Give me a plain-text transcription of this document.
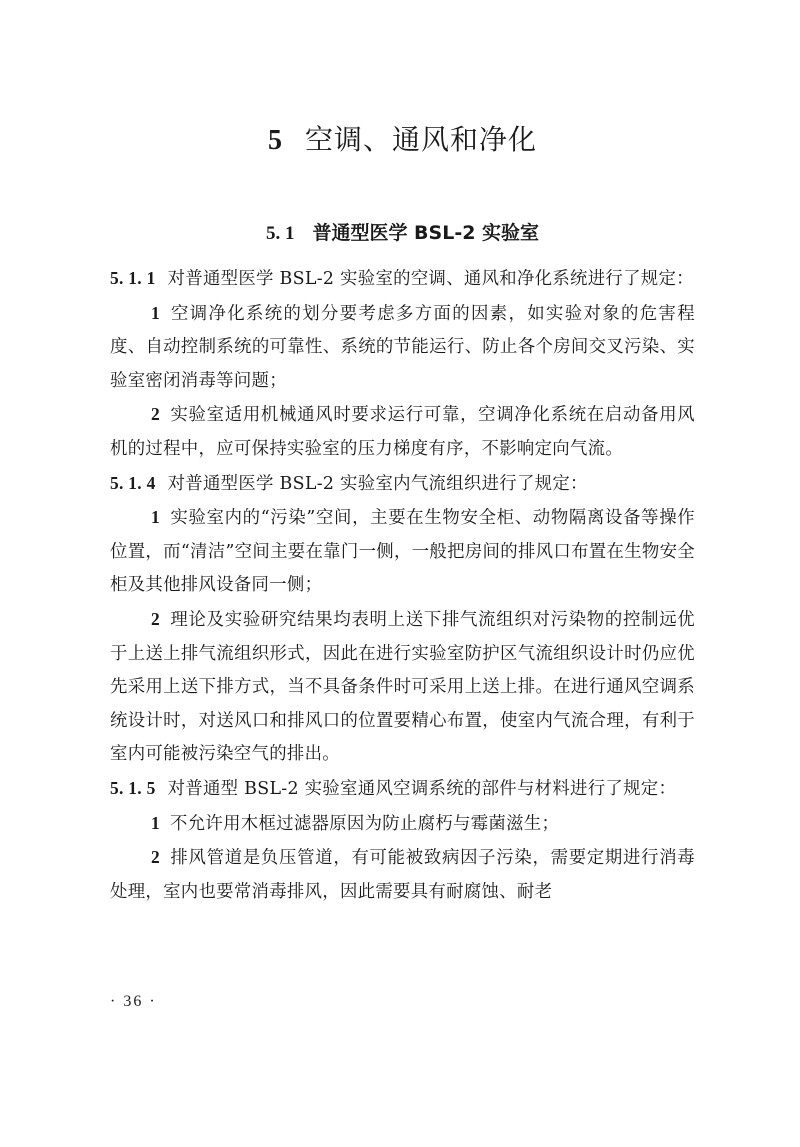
5 空调、通风和净化
5. 1 普通型医学 BSL-2 实验室

5. 1. 1 对普通型医学 BSL-2 实验室的空调、通风和净化系统进行了规定：

1 空调净化系统的划分要考虑多方面的因素，如实验对象的危害程度、自动控制系统的可靠性、系统的节能运行、防止各个房间交叉污染、实验室密闭消毒等问题；

2 实验室适用机械通风时要求运行可靠，空调净化系统在启动备用风机的过程中，应可保持实验室的压力梯度有序，不影响定向气流。

5. 1. 4 对普通型医学 BSL-2 实验室内气流组织进行了规定：

1 实验室内的“污染”空间，主要在生物安全柜、动物隔离设备等操作位置，而“清洁”空间主要在靠门一侧，一般把房间的排风口布置在生物安全柜及其他排风设备同一侧；

2 理论及实验研究结果均表明上送下排气流组织对污染物的控制远优于上送上排气流组织形式，因此在进行实验室防护区气流组织设计时仍应优先采用上送下排方式，当不具备条件时可采用上送上排。在进行通风空调系统设计时，对送风口和排风口的位置要精心布置，使室内气流合理，有利于室内可能被污染空气的排出。

5. 1. 5 对普通型 BSL-2 实验室通风空调系统的部件与材料进行了规定：

1 不允许用木框过滤器原因为防止腐朽与霉菌滋生；

2 排风管道是负压管道，有可能被致病因子污染，需要定期进行消毒处理，室内也要常消毒排风，因此需要具有耐腐蚀、耐老

· 36 ·
